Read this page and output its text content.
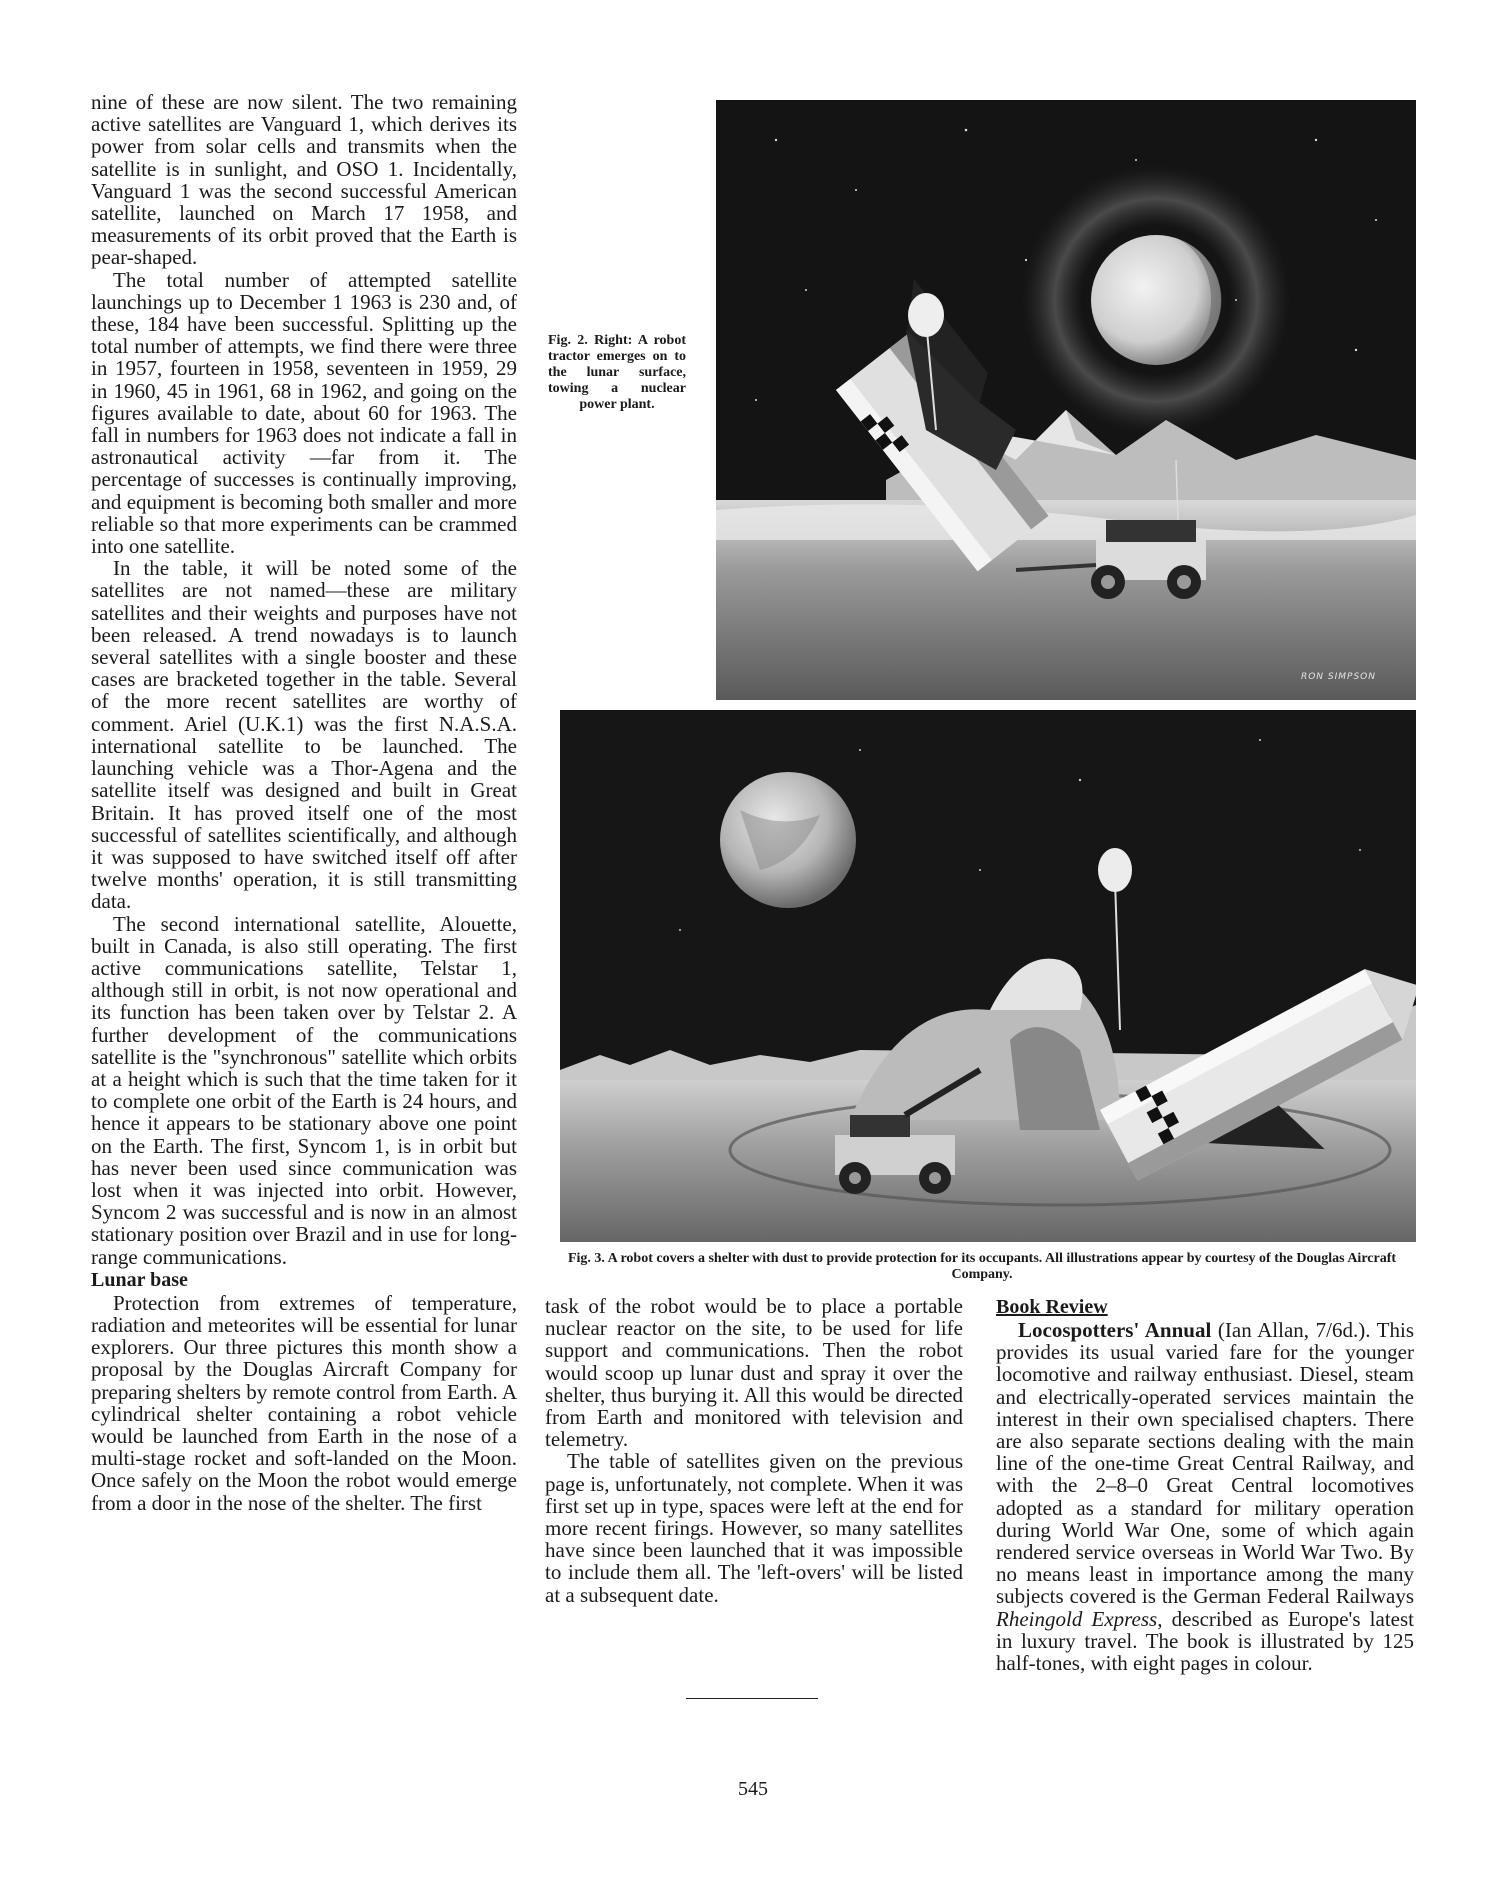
nine of these are now silent. The two remaining active satellites are Vanguard 1, which derives its power from solar cells and transmits when the satellite is in sunlight, and OSO 1. Incidentally, Vanguard 1 was the second successful American satellite, launched on March 17 1958, and measurements of its orbit proved that the Earth is pear-shaped.

The total number of attempted satellite launchings up to December 1 1963 is 230 and, of these, 184 have been successful. Splitting up the total number of attempts, we find there were three in 1957, fourteen in 1958, seventeen in 1959, 29 in 1960, 45 in 1961, 68 in 1962, and going on the figures available to date, about 60 for 1963. The fall in numbers for 1963 does not indicate a fall in astronautical activity —far from it. The percentage of successes is continually improving, and equipment is becoming both smaller and more reliable so that more experiments can be crammed into one satellite.

In the table, it will be noted some of the satellites are not named—these are military satellites and their weights and purposes have not been released. A trend nowadays is to launch several satellites with a single booster and these cases are bracketed together in the table. Several of the more recent satellites are worthy of comment. Ariel (U.K.1) was the first N.A.S.A. international satellite to be launched. The launching vehicle was a Thor-Agena and the satellite itself was designed and built in Great Britain. It has proved itself one of the most successful of satellites scientifically, and although it was supposed to have switched itself off after twelve months' operation, it is still transmitting data.

The second international satellite, Alouette, built in Canada, is also still operating. The first active communications satellite, Telstar 1, although still in orbit, is not now operational and its function has been taken over by Telstar 2. A further development of the communications satellite is the "synchronous" satellite which orbits at a height which is such that the time taken for it to complete one orbit of the Earth is 24 hours, and hence it appears to be stationary above one point on the Earth. The first, Syncom 1, is in orbit but has never been used since communication was lost when it was injected into orbit. However, Syncom 2 was successful and is now in an almost stationary position over Brazil and in use for long-range communications.

Lunar base

Protection from extremes of temperature, radiation and meteorites will be essential for lunar explorers. Our three pictures this month show a proposal by the Douglas Aircraft Company for preparing shelters by remote control from Earth. A cylindrical shelter containing a robot vehicle would be launched from Earth in the nose of a multi-stage rocket and soft-landed on the Moon. Once safely on the Moon the robot would emerge from a door in the nose of the shelter. The first

Fig. 2. Right: A robot tractor emerges on to the lunar surface, towing a nuclear power plant.
RON SIMPSON
Fig. 3. A robot covers a shelter with dust to provide protection for its occupants. All illustrations appear by courtesy of the Douglas Aircraft Company.

task of the robot would be to place a portable nuclear reactor on the site, to be used for life support and communications. Then the robot would scoop up lunar dust and spray it over the shelter, thus burying it. All this would be directed from Earth and monitored with television and telemetry.

The table of satellites given on the previous page is, unfortunately, not complete. When it was first set up in type, spaces were left at the end for more recent firings. However, so many satellites have since been launched that it was impossible to include them all. The 'left-overs' will be listed at a subsequent date.

Book Review

Locospotters' Annual (Ian Allan, 7/6d.). This provides its usual varied fare for the younger locomotive and railway enthusiast. Diesel, steam and electrically-operated services maintain the interest in their own specialised chapters. There are also separate sections dealing with the main line of the one-time Great Central Railway, and with the 2–8–0 Great Central locomotives adopted as a standard for military operation during World War One, some of which again rendered service overseas in World War Two. By no means least in importance among the many subjects covered is the German Federal Railways Rheingold Express, described as Europe's latest in luxury travel. The book is illustrated by 125 half-tones, with eight pages in colour.

545
